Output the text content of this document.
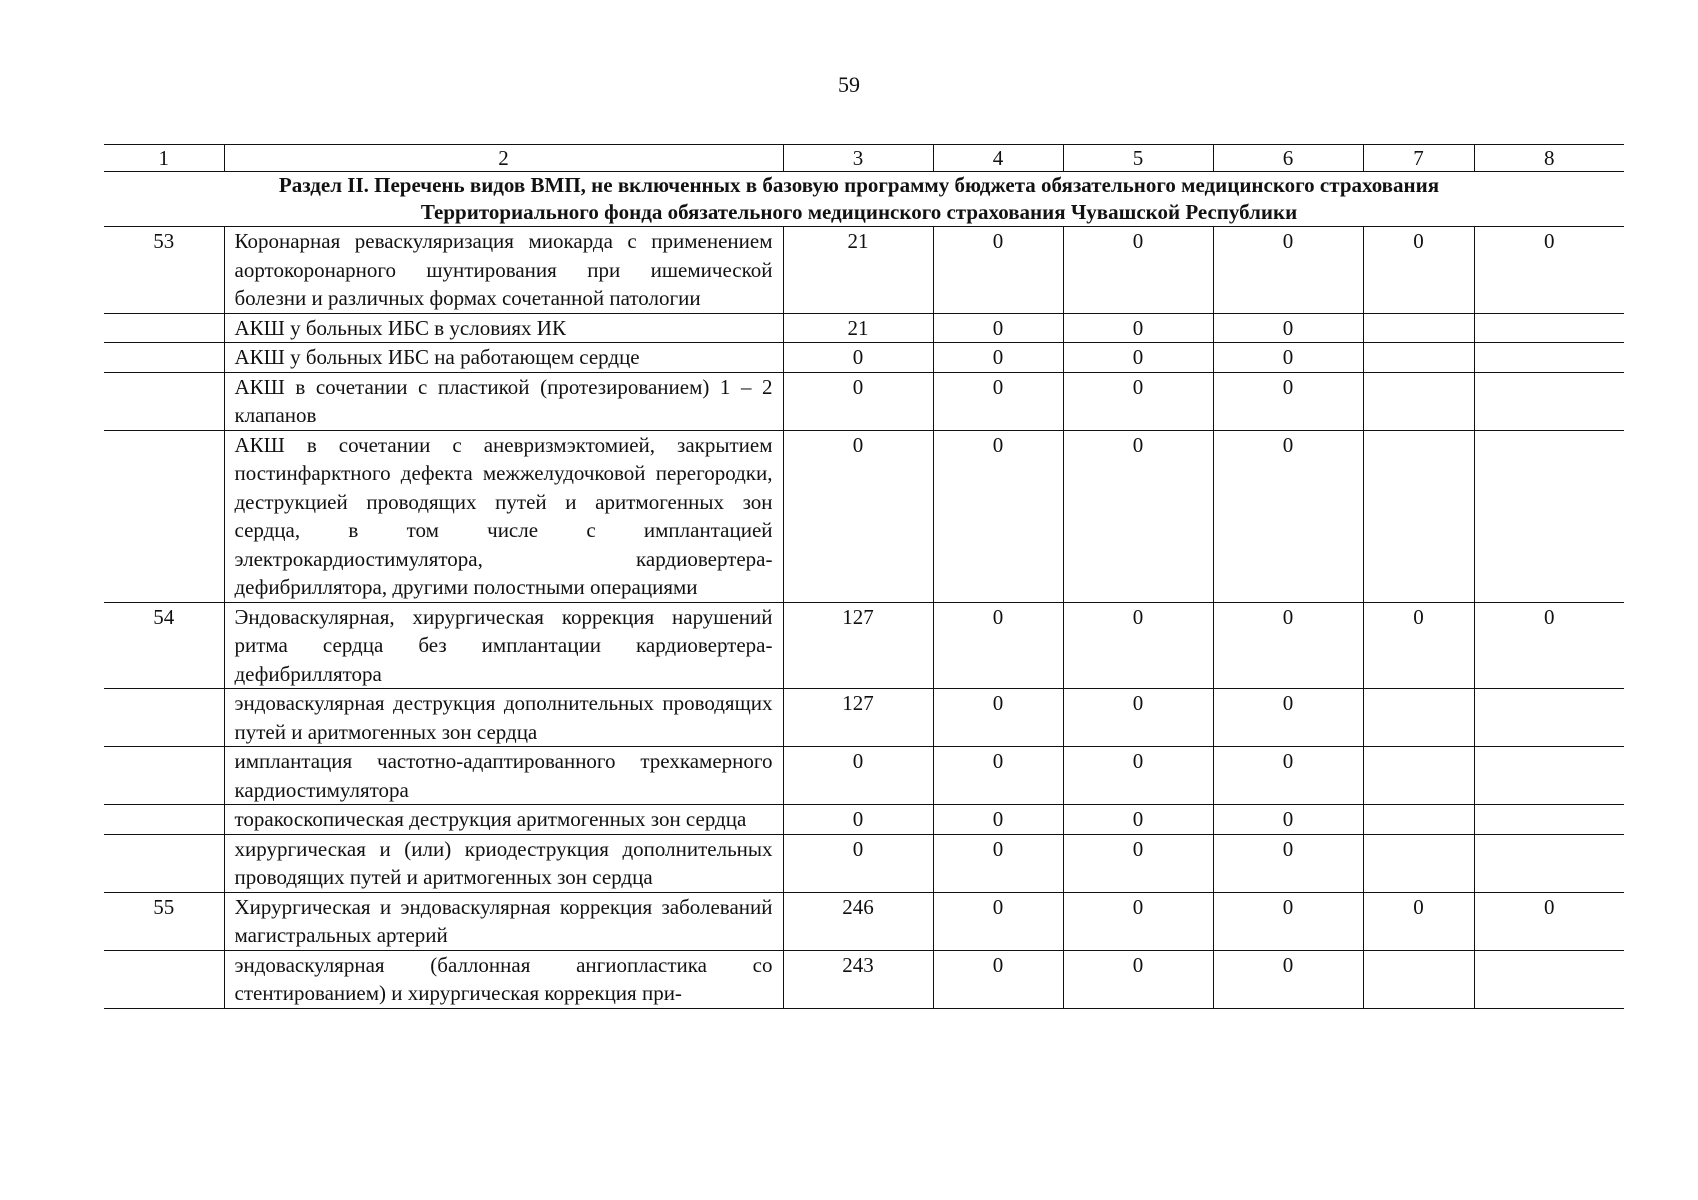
59
1	2	3	4	5	6	7	8
Раздел II. Перечень видов ВМП, не включенных в базовую программу бюджета обязательного медицинского страхования Территориального фонда обязательного медицинского страхования Чувашской Республики							
53	Коронарная реваскуляризация миокарда с применением аортокоронарного шунтирования при ишемической болезни и различных формах сочетанной патологии	21	0	0	0	0	0
	АКШ у больных ИБС в условиях ИК	21	0	0	0		
	АКШ у больных ИБС на работающем сердце	0	0	0	0		
	АКШ в сочетании с пластикой (протезированием) 1 – 2 клапанов	0	0	0	0		
	АКШ в сочетании с аневризмэктомией, закрытием постинфарктного дефекта межжелудочковой перегородки, деструкцией проводящих путей и аритмогенных зон сердца, в том числе с имплантацией электрокардиостимулятора, кардиовертера-дефибриллятора, другими полостными операциями	0	0	0	0		
54	Эндоваскулярная, хирургическая коррекция нарушений ритма сердца без имплантации кардиовертера-дефибриллятора	127	0	0	0	0	0
	эндоваскулярная деструкция дополнительных проводящих путей и аритмогенных зон сердца	127	0	0	0		
	имплантация частотно-адаптированного трехкамерного кардиостимулятора	0	0	0	0		
	торакоскопическая деструкция аритмогенных зон сердца	0	0	0	0		
	хирургическая и (или) криодеструкция дополнительных проводящих путей и аритмогенных зон сердца	0	0	0	0		
55	Хирургическая и эндоваскулярная коррекция заболеваний магистральных артерий	246	0	0	0	0	0
	эндоваскулярная (баллонная ангиопластика со стентированием) и хирургическая коррекция при-	243	0	0	0		
